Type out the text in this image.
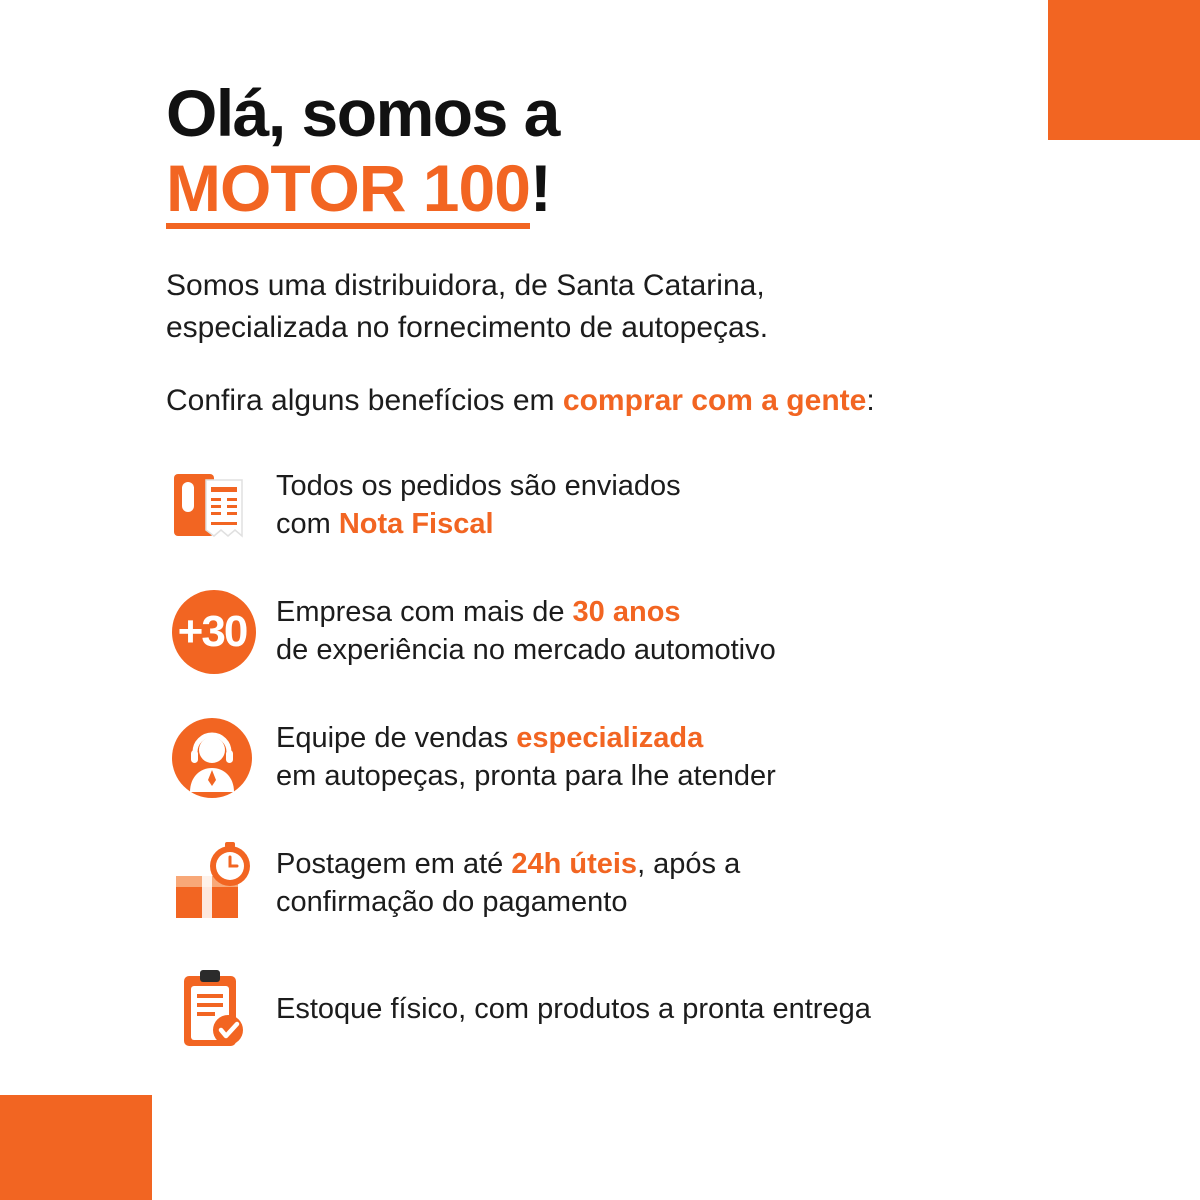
Olá, somos a
MOTOR 100!

Somos uma distribuidora, de Santa Catarina,
especializada no fornecimento de autopeças.

Confira alguns benefícios em comprar com a gente:

Todos os pedidos são enviados
com Nota Fiscal
+30	Empresa com mais de 30 anos
de experiência no mercado automotivo
Equipe de vendas especializada
em autopeças, pronta para lhe atender
Postagem em até 24h úteis, após a
confirmação do pagamento
Estoque físico, com produtos a pronta entrega
